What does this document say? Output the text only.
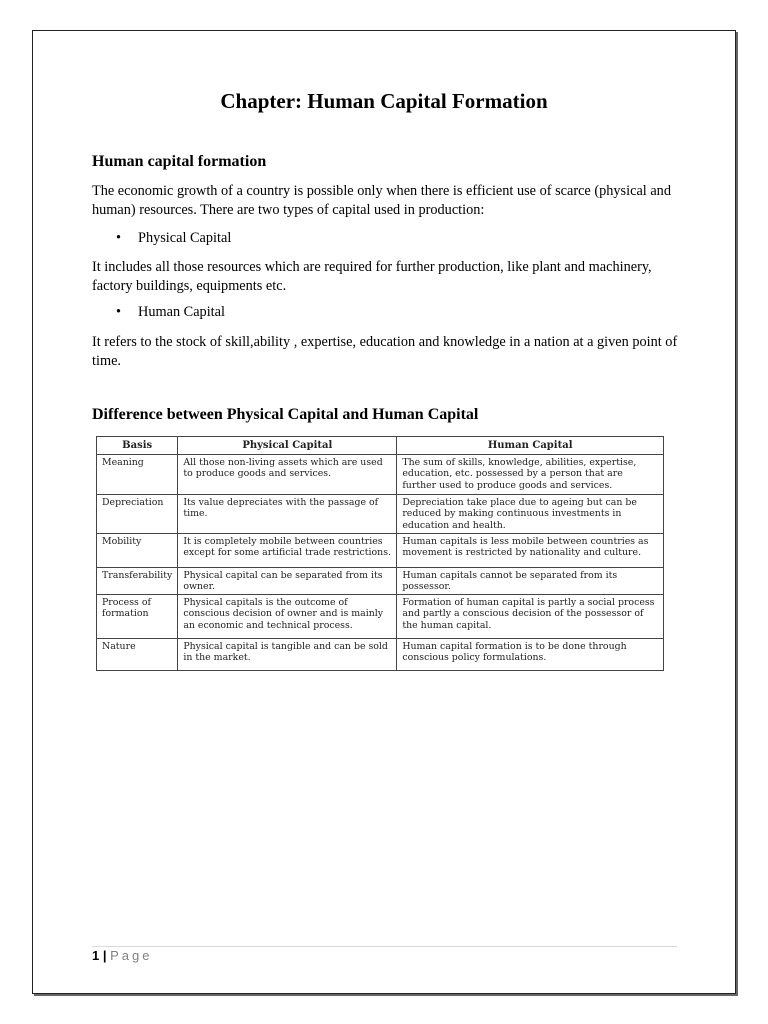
Chapter: Human Capital Formation
Human capital formation
The economic growth of a country is possible only when there is efficient use of scarce (physical and human) resources. There are two types of capital used in production:
• Physical Capital
It includes all those resources which are required for further production, like plant and machinery, factory buildings, equipments etc.
• Human Capital
It refers to the stock of skill,ability , expertise, education and knowledge in a nation at a given point of time.
Difference between Physical Capital and Human Capital
Basis	Physical Capital	Human Capital
Meaning	All those non-living assets which are used to produce goods and services.	The sum of skills, knowledge, abilities, expertise, education, etc. possessed by a person that are further used to produce goods and services.
Depreciation	Its value depreciates with the passage of time.	Depreciation take place due to ageing but can be reduced by making continuous investments in education and health.
Mobility	It is completely mobile between countries except for some artificial trade restrictions.	Human capitals is less mobile between countries as movement is restricted by nationality and culture.
Transferability	Physical capital can be separated from its owner.	Human capitals cannot be separated from its possessor.
Process of formation	Physical capitals is the outcome of conscious decision of owner and is mainly an economic and technical process.	Formation of human capital is partly a social process and partly a conscious decision of the possessor of the human capital.
Nature	Physical capital is tangible and can be sold in the market.	Human capital formation is to be done through conscious policy formulations.
1 | Page
